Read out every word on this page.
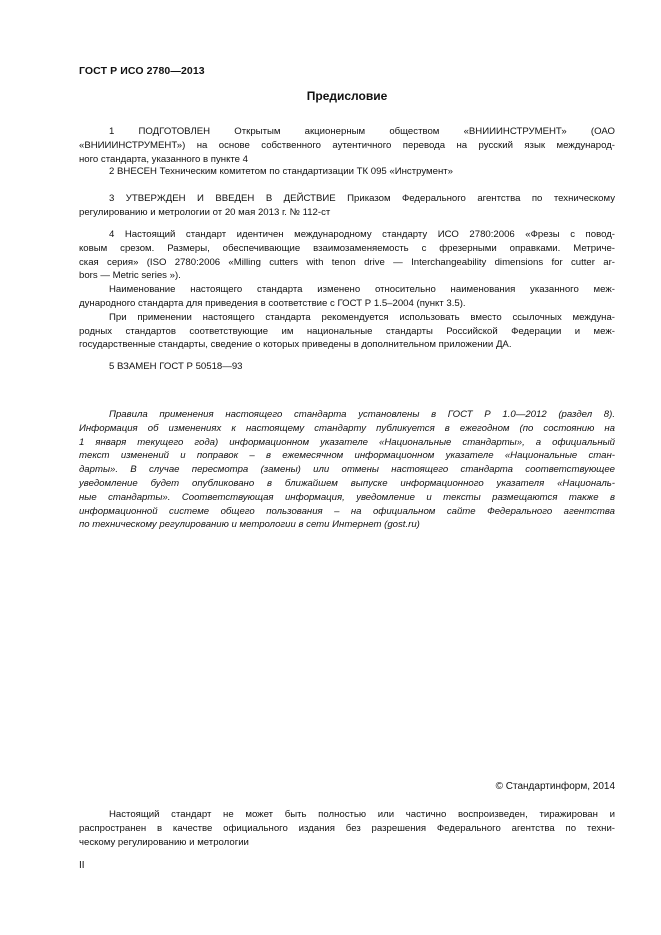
ГОСТ Р ИСО 2780—2013
Предисловие
1 ПОДГОТОВЛЕН Открытым акционерным обществом «ВНИИИНСТРУМЕНТ» (ОАО
«ВНИИИНСТРУМЕНТ») на основе собственного аутентичного перевода на русский язык международ-
ного стандарта, указанного в пункте 4
2 ВНЕСЕН Техническим комитетом по стандартизации ТК 095 «Инструмент»
3 УТВЕРЖДЕН И ВВЕДЕН В ДЕЙСТВИЕ Приказом Федерального агентства по техническому
регулированию и метрологии от 20 мая 2013 г. № 112-ст
4 Настоящий стандарт идентичен международному стандарту ИСО 2780:2006 «Фрезы с повод-
ковым срезом. Размеры, обеспечивающие взаимозаменяемость с фрезерными оправками. Метриче-
ская серия» (ISO 2780:2006 «Milling cutters with tenon drive — Interchangeability dimensions for cutter ar-
bors — Metric series »).
Наименование настоящего стандарта изменено относительно наименования указанного меж-
дународного стандарта для приведения в соответствие с ГОСТ Р 1.5–2004 (пункт 3.5).
При применении настоящего стандарта рекомендуется использовать вместо ссылочных междуна-
родных стандартов соответствующие им национальные стандарты Российской Федерации и меж-
государственные стандарты, сведение о которых приведены в дополнительном приложении ДА.
5 ВЗАМЕН ГОСТ Р 50518—93
Правила применения настоящего стандарта установлены в ГОСТ Р 1.0—2012 (раздел 8).
Информация об изменениях к настоящему стандарту публикуется в ежегодном (по состоянию на
1 января текущего года) информационном указателе «Национальные стандарты», а официальный
текст изменений и поправок – в ежемесячном информационном указателе «Национальные стан-
дарты». В случае пересмотра (замены) или отмены настоящего стандарта соответствующее
уведомление будет опубликовано в ближайшем выпуске информационного указателя «Националь-
ные стандарты». Соответствующая информация, уведомление и тексты размещаются также в
информационной системе общего пользования – на официальном сайте Федерального агентства
по техническому регулированию и метрологии в сети Интернет (gost.ru)
© Стандартинформ, 2014
Настоящий стандарт не может быть полностью или частично воспроизведен, тиражирован и
распространен в качестве официального издания без разрешения Федерального агентства по техни-
ческому регулированию и метрологии
II
